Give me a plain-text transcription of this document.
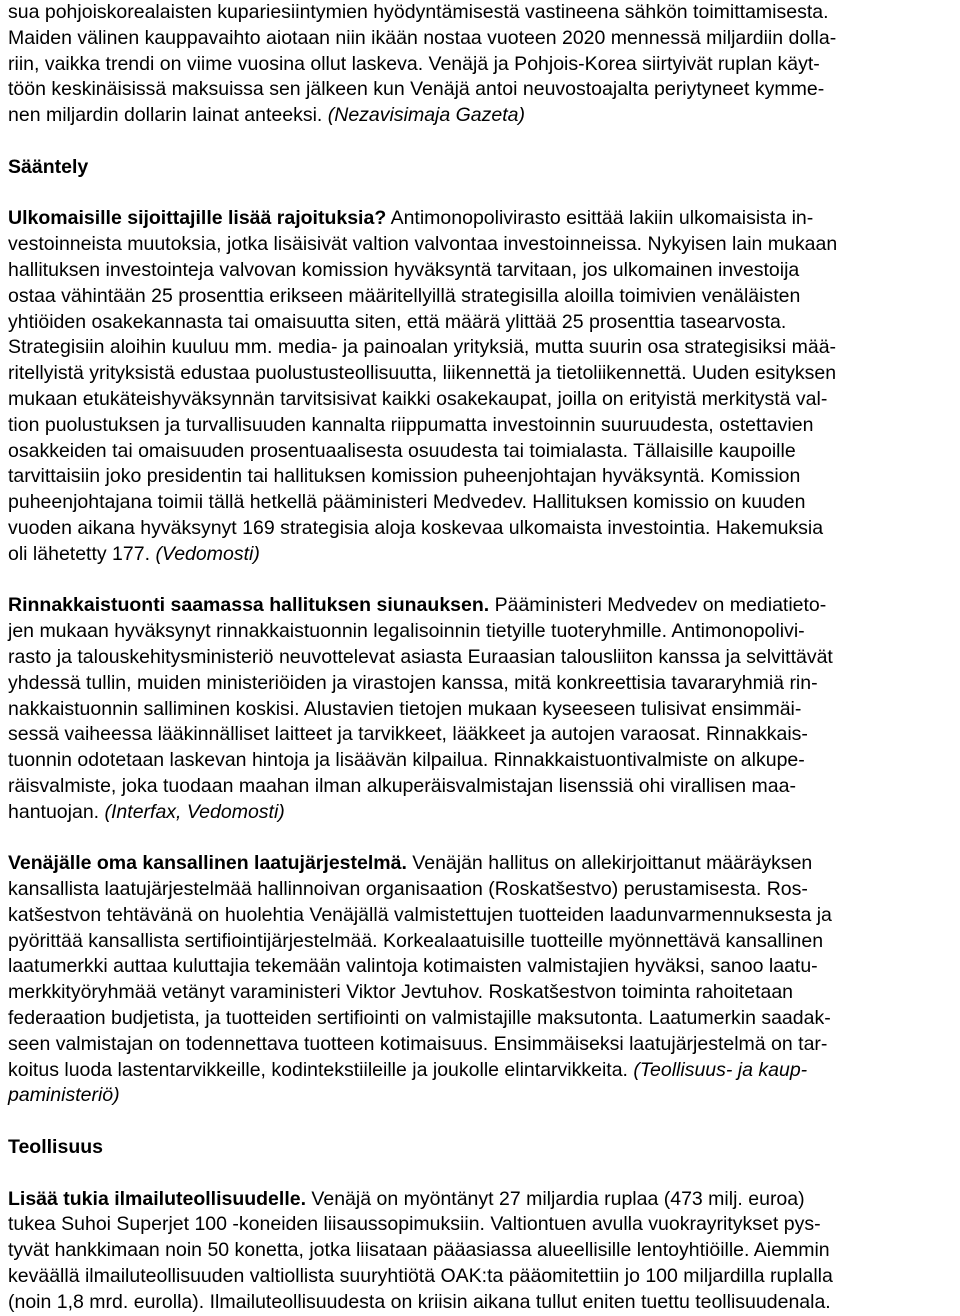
sua pohjoiskorealaisten kupariesiintymien hyödyntämisestä vastineena sähkön toimittamisesta.
Maiden välinen kauppavaihto aiotaan niin ikään nostaa vuoteen 2020 mennessä miljardiin dolla-
riin, vaikka trendi on viime vuosina ollut laskeva. Venäjä ja Pohjois-Korea siirtyivät ruplan käyt-
töön keskinäisissä maksuissa sen jälkeen kun Venäjä antoi neuvostoajalta periytyneet kymme-
nen miljardin dollarin lainat anteeksi. (Nezavisimaja Gazeta)

Sääntely

Ulkomaisille sijoittajille lisää rajoituksia? Antimonopolivirasto esittää lakiin ulkomaisista in-
vestoinneista muutoksia, jotka lisäisivät valtion valvontaa investoinneissa. Nykyisen lain mukaan
hallituksen investointeja valvovan komission hyväksyntä tarvitaan, jos ulkomainen investoija
ostaa vähintään 25 prosenttia erikseen määritellyillä strategisilla aloilla toimivien venäläisten
yhtiöiden osakekannasta tai omaisuutta siten, että määrä ylittää 25 prosenttia tasearvosta.
Strategisiin aloihin kuuluu mm. media- ja painoalan yrityksiä, mutta suurin osa strategisiksi mää-
ritellyistä yrityksistä edustaa puolustusteollisuutta, liikennettä ja tietoliikennettä. Uuden esityksen
mukaan etukäteishyväksynnän tarvitsisivat kaikki osakekaupat, joilla on erityistä merkitystä val-
tion puolustuksen ja turvallisuuden kannalta riippumatta investoinnin suuruudesta, ostettavien
osakkeiden tai omaisuuden prosentuaalisesta osuudesta tai toimialasta. Tällaisille kaupoille
tarvittaisiin joko presidentin tai hallituksen komission puheenjohtajan hyväksyntä. Komission
puheenjohtajana toimii tällä hetkellä pääministeri Medvedev. Hallituksen komissio on kuuden
vuoden aikana hyväksynyt 169 strategisia aloja koskevaa ulkomaista investointia. Hakemuksia
oli lähetetty 177. (Vedomosti)

Rinnakkaistuonti saamassa hallituksen siunauksen. Pääministeri Medvedev on mediatieto-
jen mukaan hyväksynyt rinnakkaistuonnin legalisoinnin tietyille tuoteryhmille. Antimonopolivi-
rasto ja talouskehitysministeriö neuvottelevat asiasta Euraasian talousliiton kanssa ja selvittävät
yhdessä tullin, muiden ministeriöiden ja virastojen kanssa, mitä konkreettisia tavararyhmiä rin-
nakkaistuonnin salliminen koskisi. Alustavien tietojen mukaan kyseeseen tulisivat ensimmäi-
sessä vaiheessa lääkinnälliset laitteet ja tarvikkeet, lääkkeet ja autojen varaosat. Rinnakkais-
tuonnin odotetaan laskevan hintoja ja lisäävän kilpailua. Rinnakkaistuontivalmiste on alkupe-
räisvalmiste, joka tuodaan maahan ilman alkuperäisvalmistajan lisenssiä ohi virallisen maa-
hantuojan. (Interfax, Vedomosti)

Venäjälle oma kansallinen laatujärjestelmä. Venäjän hallitus on allekirjoittanut määräyksen
kansallista laatujärjestelmää hallinnoivan organisaation (Roskatšestvo) perustamisesta. Ros-
katšestvon tehtävänä on huolehtia Venäjällä valmistettujen tuotteiden laadunvarmennuksesta ja
pyörittää kansallista sertifiointijärjestelmää. Korkealaatuisille tuotteille myönnettävä kansallinen
laatumerkki auttaa kuluttajia tekemään valintoja kotimaisten valmistajien hyväksi, sanoo laatu-
merkkityöryhmää vetänyt varaministeri Viktor Jevtuhov. Roskatšestvon toiminta rahoitetaan
federaation budjetista, ja tuotteiden sertifiointi on valmistajille maksutonta. Laatumerkin saadak-
seen valmistajan on todennettava tuotteen kotimaisuus. Ensimmäiseksi laatujärjestelmä on tar-
koitus luoda lastentarvikkeille, kodintekstiileille ja joukolle elintarvikkeita. (Teollisuus- ja kaup-
paministeriö)

Teollisuus

Lisää tukia ilmailuteollisuudelle. Venäjä on myöntänyt 27 miljardia ruplaa (473 milj. euroa)
tukea Suhoi Superjet 100 -koneiden liisaussopimuksiin. Valtiontuen avulla vuokrayritykset pys-
tyvät hankkimaan noin 50 konetta, jotka liisataan pääasiassa alueellisille lentoyhtiöille. Aiemmin
keväällä ilmailuteollisuuden valtiollista suuryhtiötä OAK:ta pääomitettiin jo 100 miljardilla ruplalla
(noin 1,8 mrd. eurolla). Ilmailuteollisuudesta on kriisin aikana tullut eniten tuettu teollisuudenala.
